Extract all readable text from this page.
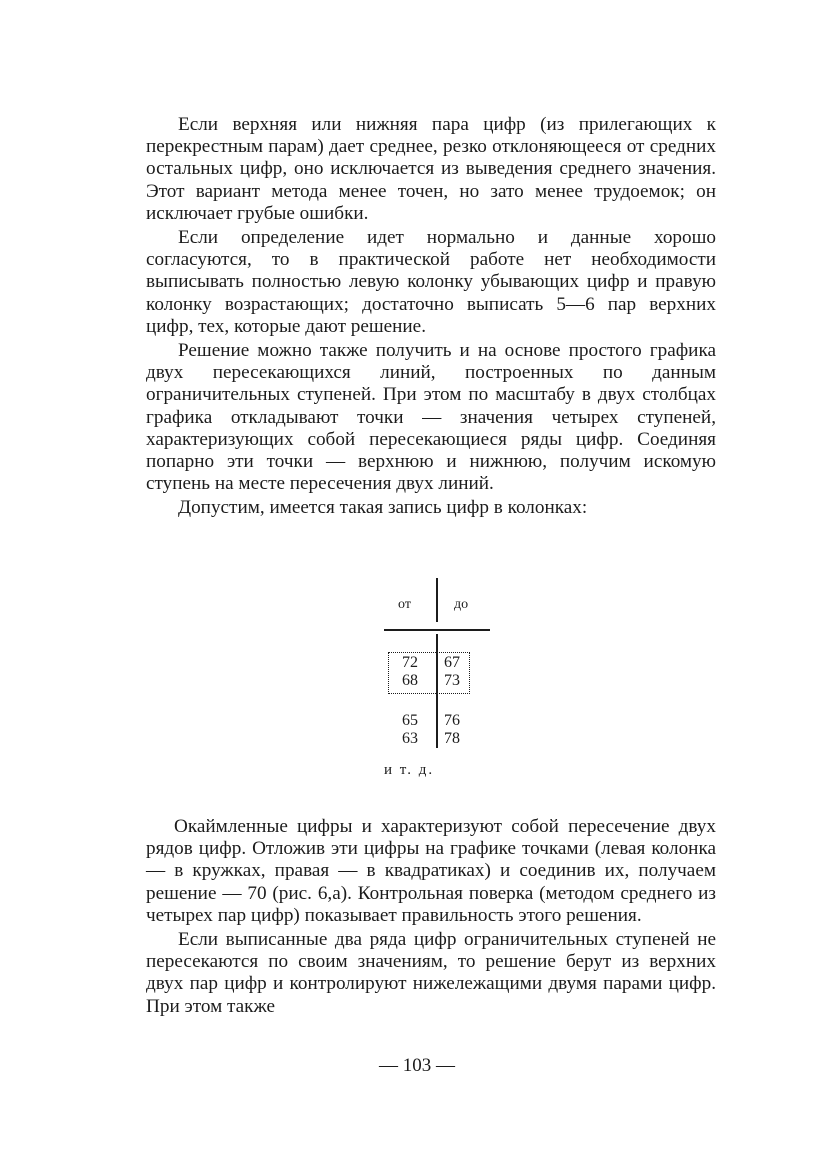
Если верхняя или нижняя пара цифр (из прилегающих к перекрестным парам) дает среднее, резко отклоняющееся от средних остальных цифр, оно исключается из выведения среднего значения. Этот вариант метода менее точен, но зато менее трудоемок; он исключает грубые ошибки.

Если определение идет нормально и данные хорошо согласуются, то в практической работе нет необходимости выписывать полностью левую колонку убывающих цифр и правую колонку возрастающих; достаточно выписать 5—6 пар верхних цифр, тех, которые дают решение.

Решение можно также получить и на основе простого графика двух пересекающихся линий, построенных по данным ограничительных ступеней. При этом по масштабу в двух столбцах графика откладывают точки — значения четырех ступеней, характеризующих собой пересекающиеся ряды цифр. Соединяя попарно эти точки — верхнюю и нижнюю, получим искомую ступень на месте пересечения двух линий.

Допустим, имеется такая запись цифр в колонках:

от	до
72 67
68 73
65 76
63 78
и т. д.

Окаймленные цифры и характеризуют собой пересечение двух рядов цифр. Отложив эти цифры на графике точками (левая колонка — в кружках, правая — в квадратиках) и соединив их, получаем решение — 70 (рис. 6,а). Контрольная поверка (методом среднего из четырех пар цифр) показывает правильность этого решения.

Если выписанные два ряда цифр ограничительных ступеней не пересекаются по своим значениям, то решение берут из верхних двух пар цифр и контролируют нижележащими двумя парами цифр. При этом также

— 103 —
